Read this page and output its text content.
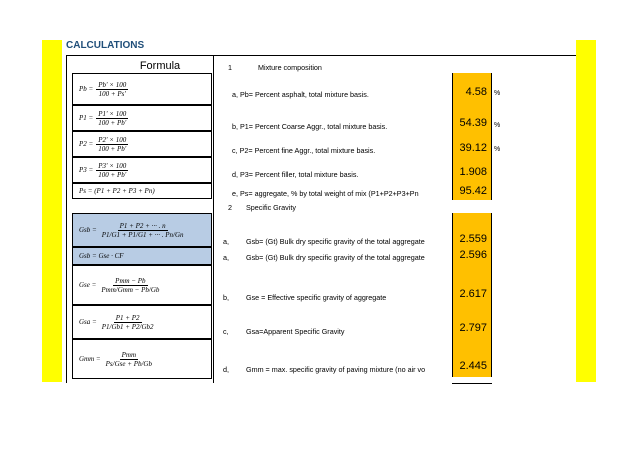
CALCULATIONS
Formula
$Pb = \frac{Pb' \times 100}{100 + Ps'}$
$P1 = \frac{P1' \times 100}{100 + Pb'}$
$P2 = \frac{P2' \times 100}{100 + Pb'}$
$P3 = \frac{P3' \times 100}{100 + Pb'}$
Ps = (P1 + P2 + P3 + Pn)
Gsb = $\frac{P1 + P2 + \cdot\cdot\cdot . n}{P1/G1 + P1/G1 + \cdot\cdot\cdot . Pn/Gn}$
Gsb = Gse · CF
Gse = $\frac{\text{Pmm − Pb}}{\text{Pmm/Gmm − Pb/Gb}}$
Gsa = $\frac{P1 + P2}{P1/Gb1 + P2/Gb2}$
Gmm = $\frac{\text{Pmm}}{\text{Ps/Gse + Pb/Gb}}$
1	Mixture composition
a, Pb= Percent asphalt, total mixture basis.	4.58	%
b, P1= Percent Coarse Aggr., total mixture basis.	54.39	%
c, P2= Percent fine Aggr., total mixture basis.	39.12	%
d, P3= Percent filler, total mixture basis.	1.908
e, Ps= aggregate, % by total weight of mix (P1+P2+P3+Pn	95.42
2 Specific Gravity
a, Gsb= (Gt) Bulk dry specific gravity of the total aggregate	2.559
a, Gsb= (Gt) Bulk dry specific gravity of the total aggregate	2.596
b, Gse = Effective specific gravity of aggregate	2.617
c, Gsa=Apparent Specific Gravity	2.797
d, Gmm = max. specific gravity of paving mixture (no air vo	2.445
